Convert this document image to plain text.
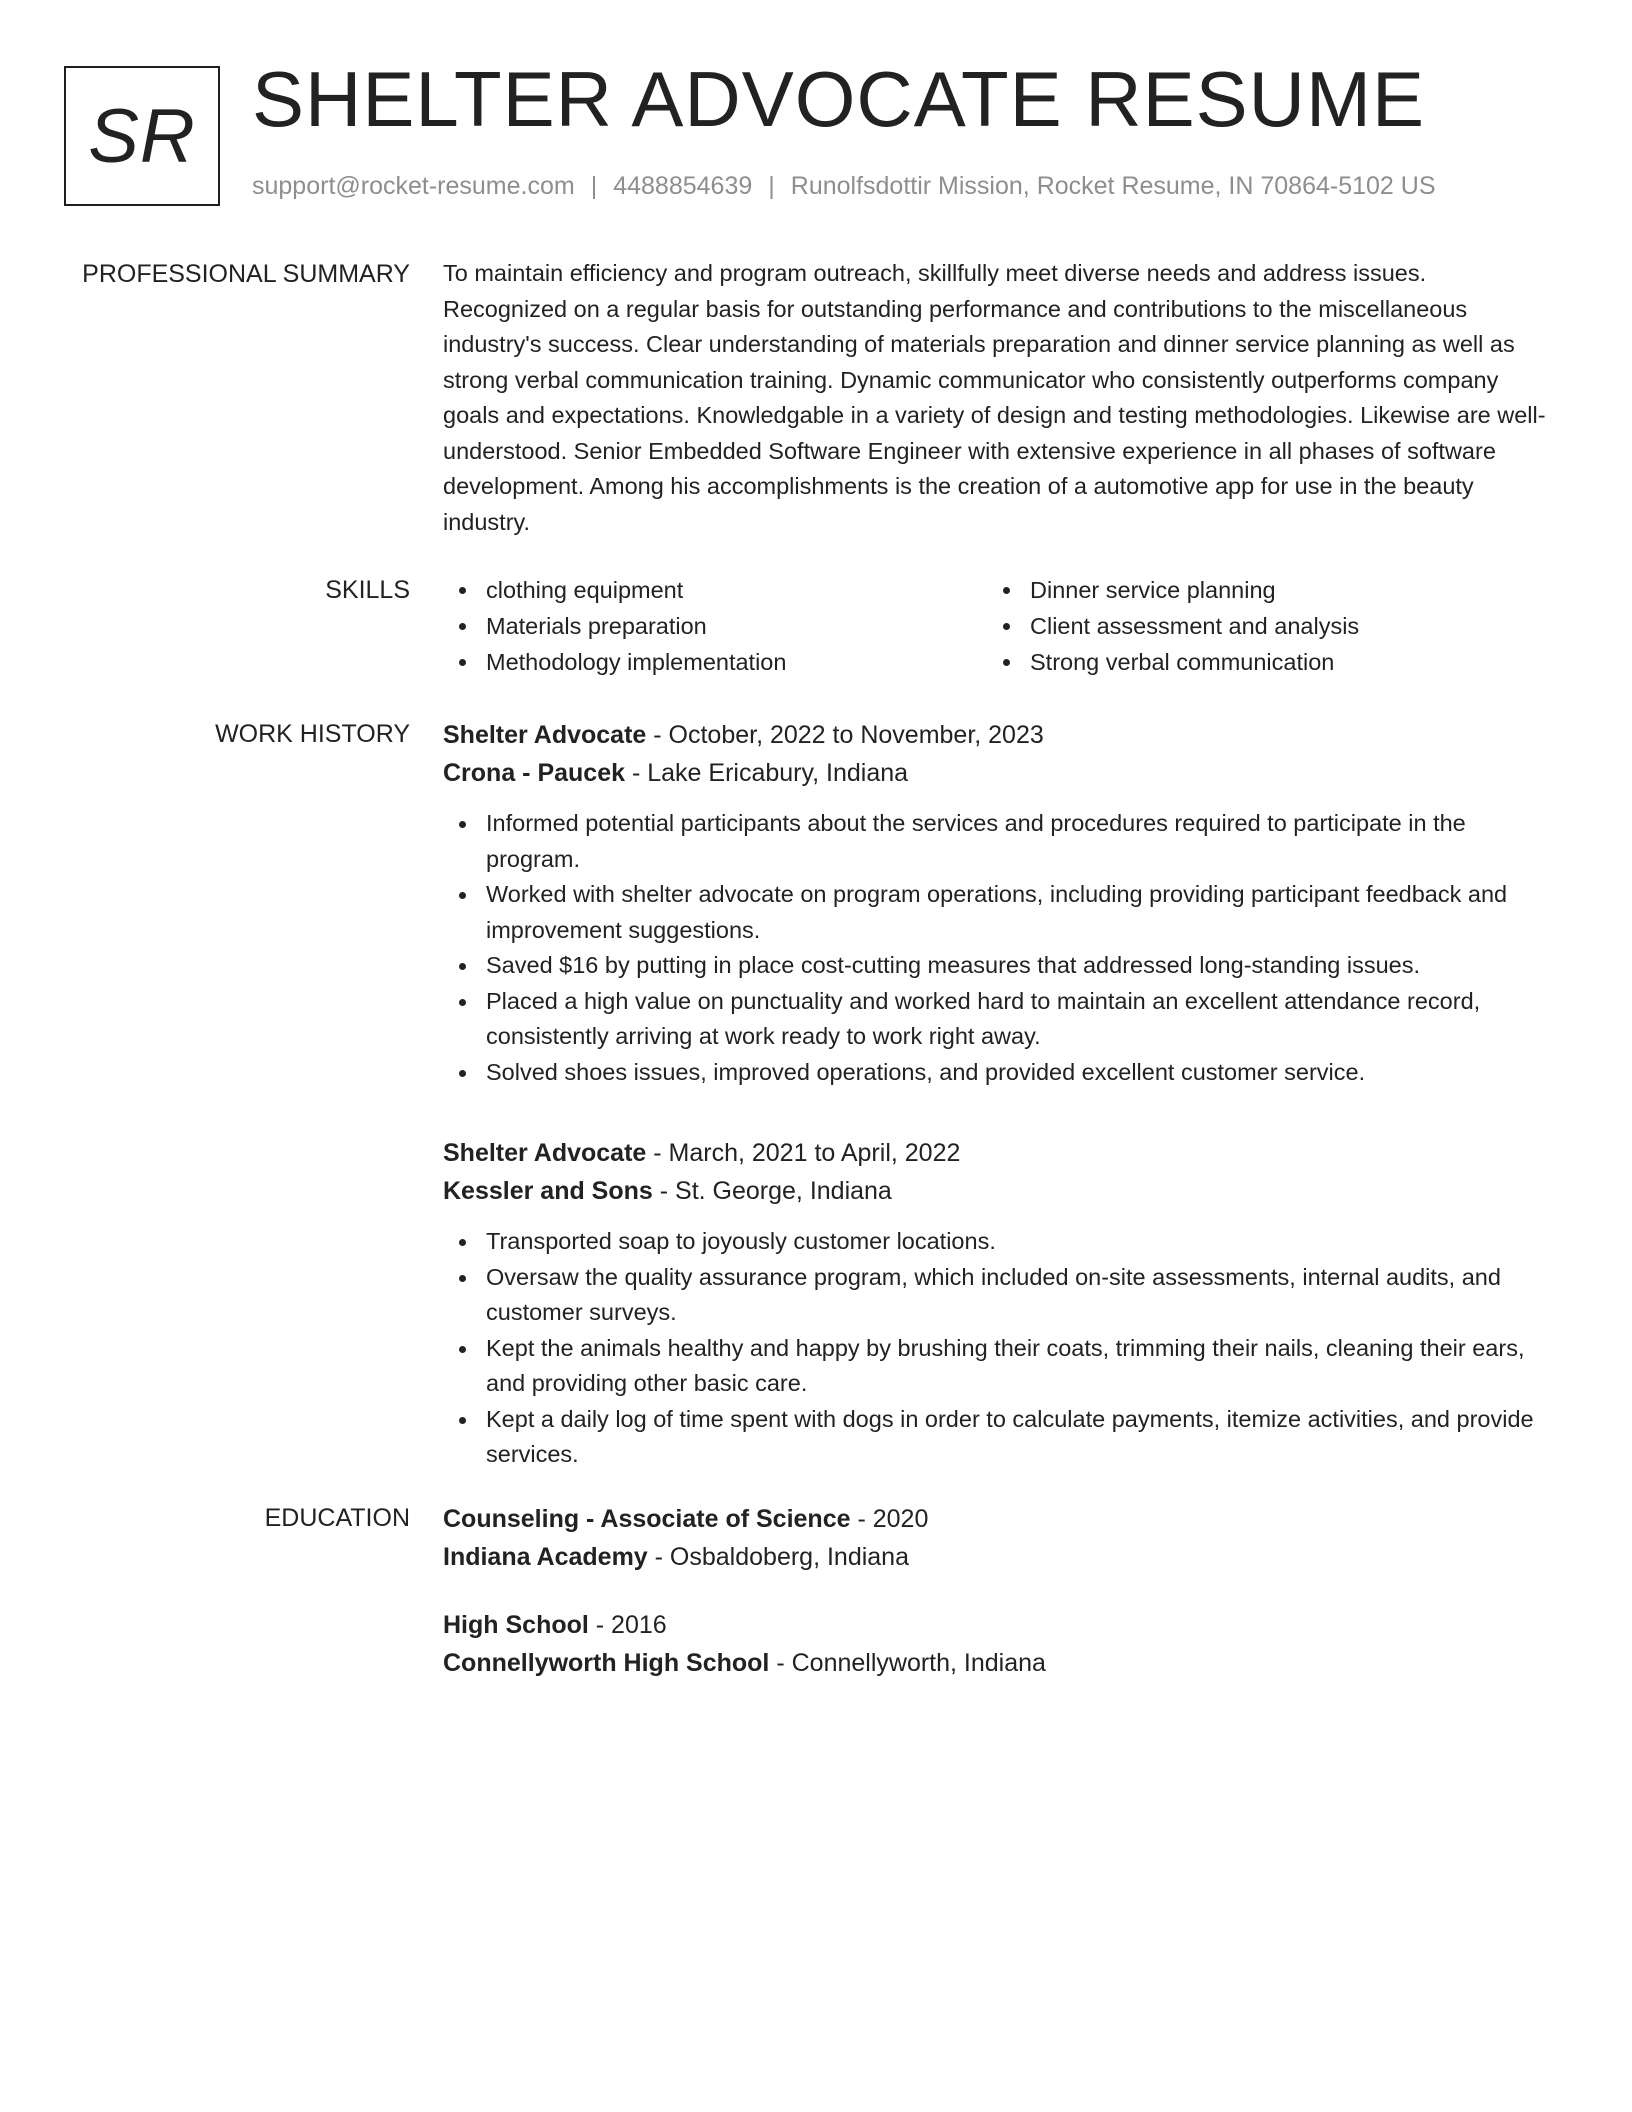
SR SHELTER ADVOCATE RESUME
support@rocket-resume.com | 4488854639 | Runolfsdottir Mission, Rocket Resume, IN 70864-5102 US
PROFESSIONAL SUMMARY To maintain efficiency and program outreach, skillfully meet diverse needs and address issues. Recognized on a regular basis for outstanding performance and contributions to the miscellaneous industry's success. Clear understanding of materials preparation and dinner service planning as well as strong verbal communication training. Dynamic communicator who consistently outperforms company goals and expectations. Knowledgable in a variety of design and testing methodologies. Likewise are well-understood. Senior Embedded Software Engineer with extensive experience in all phases of software development. Among his accomplishments is the creation of a automotive app for use in the beauty industry.

SKILLS	clothing equipment	Dinner service planning
Materials preparation	Client assessment and analysis
Methodology implementation	Strong verbal communication
WORK HISTORY Shelter Advocate - October, 2022 to November, 2023
Crona - Paucek - Lake Ericabury, Indiana
Informed potential participants about the services and procedures required to participate in the program.
Worked with shelter advocate on program operations, including providing participant feedback and improvement suggestions.
Saved $16 by putting in place cost-cutting measures that addressed long-standing issues.
Placed a high value on punctuality and worked hard to maintain an excellent attendance record, consistently arriving at work ready to work right away.
Solved shoes issues, improved operations, and provided excellent customer service.
Shelter Advocate - March, 2021 to April, 2022
Kessler and Sons - St. George, Indiana
Transported soap to joyously customer locations.
Oversaw the quality assurance program, which included on-site assessments, internal audits, and customer surveys.
Kept the animals healthy and happy by brushing their coats, trimming their nails, cleaning their ears, and providing other basic care.
Kept a daily log of time spent with dogs in order to calculate payments, itemize activities, and provide services.
EDUCATION Counseling - Associate of Science - 2020
Indiana Academy - Osbaldoberg, Indiana
High School - 2016
Connellyworth High School - Connellyworth, Indiana
